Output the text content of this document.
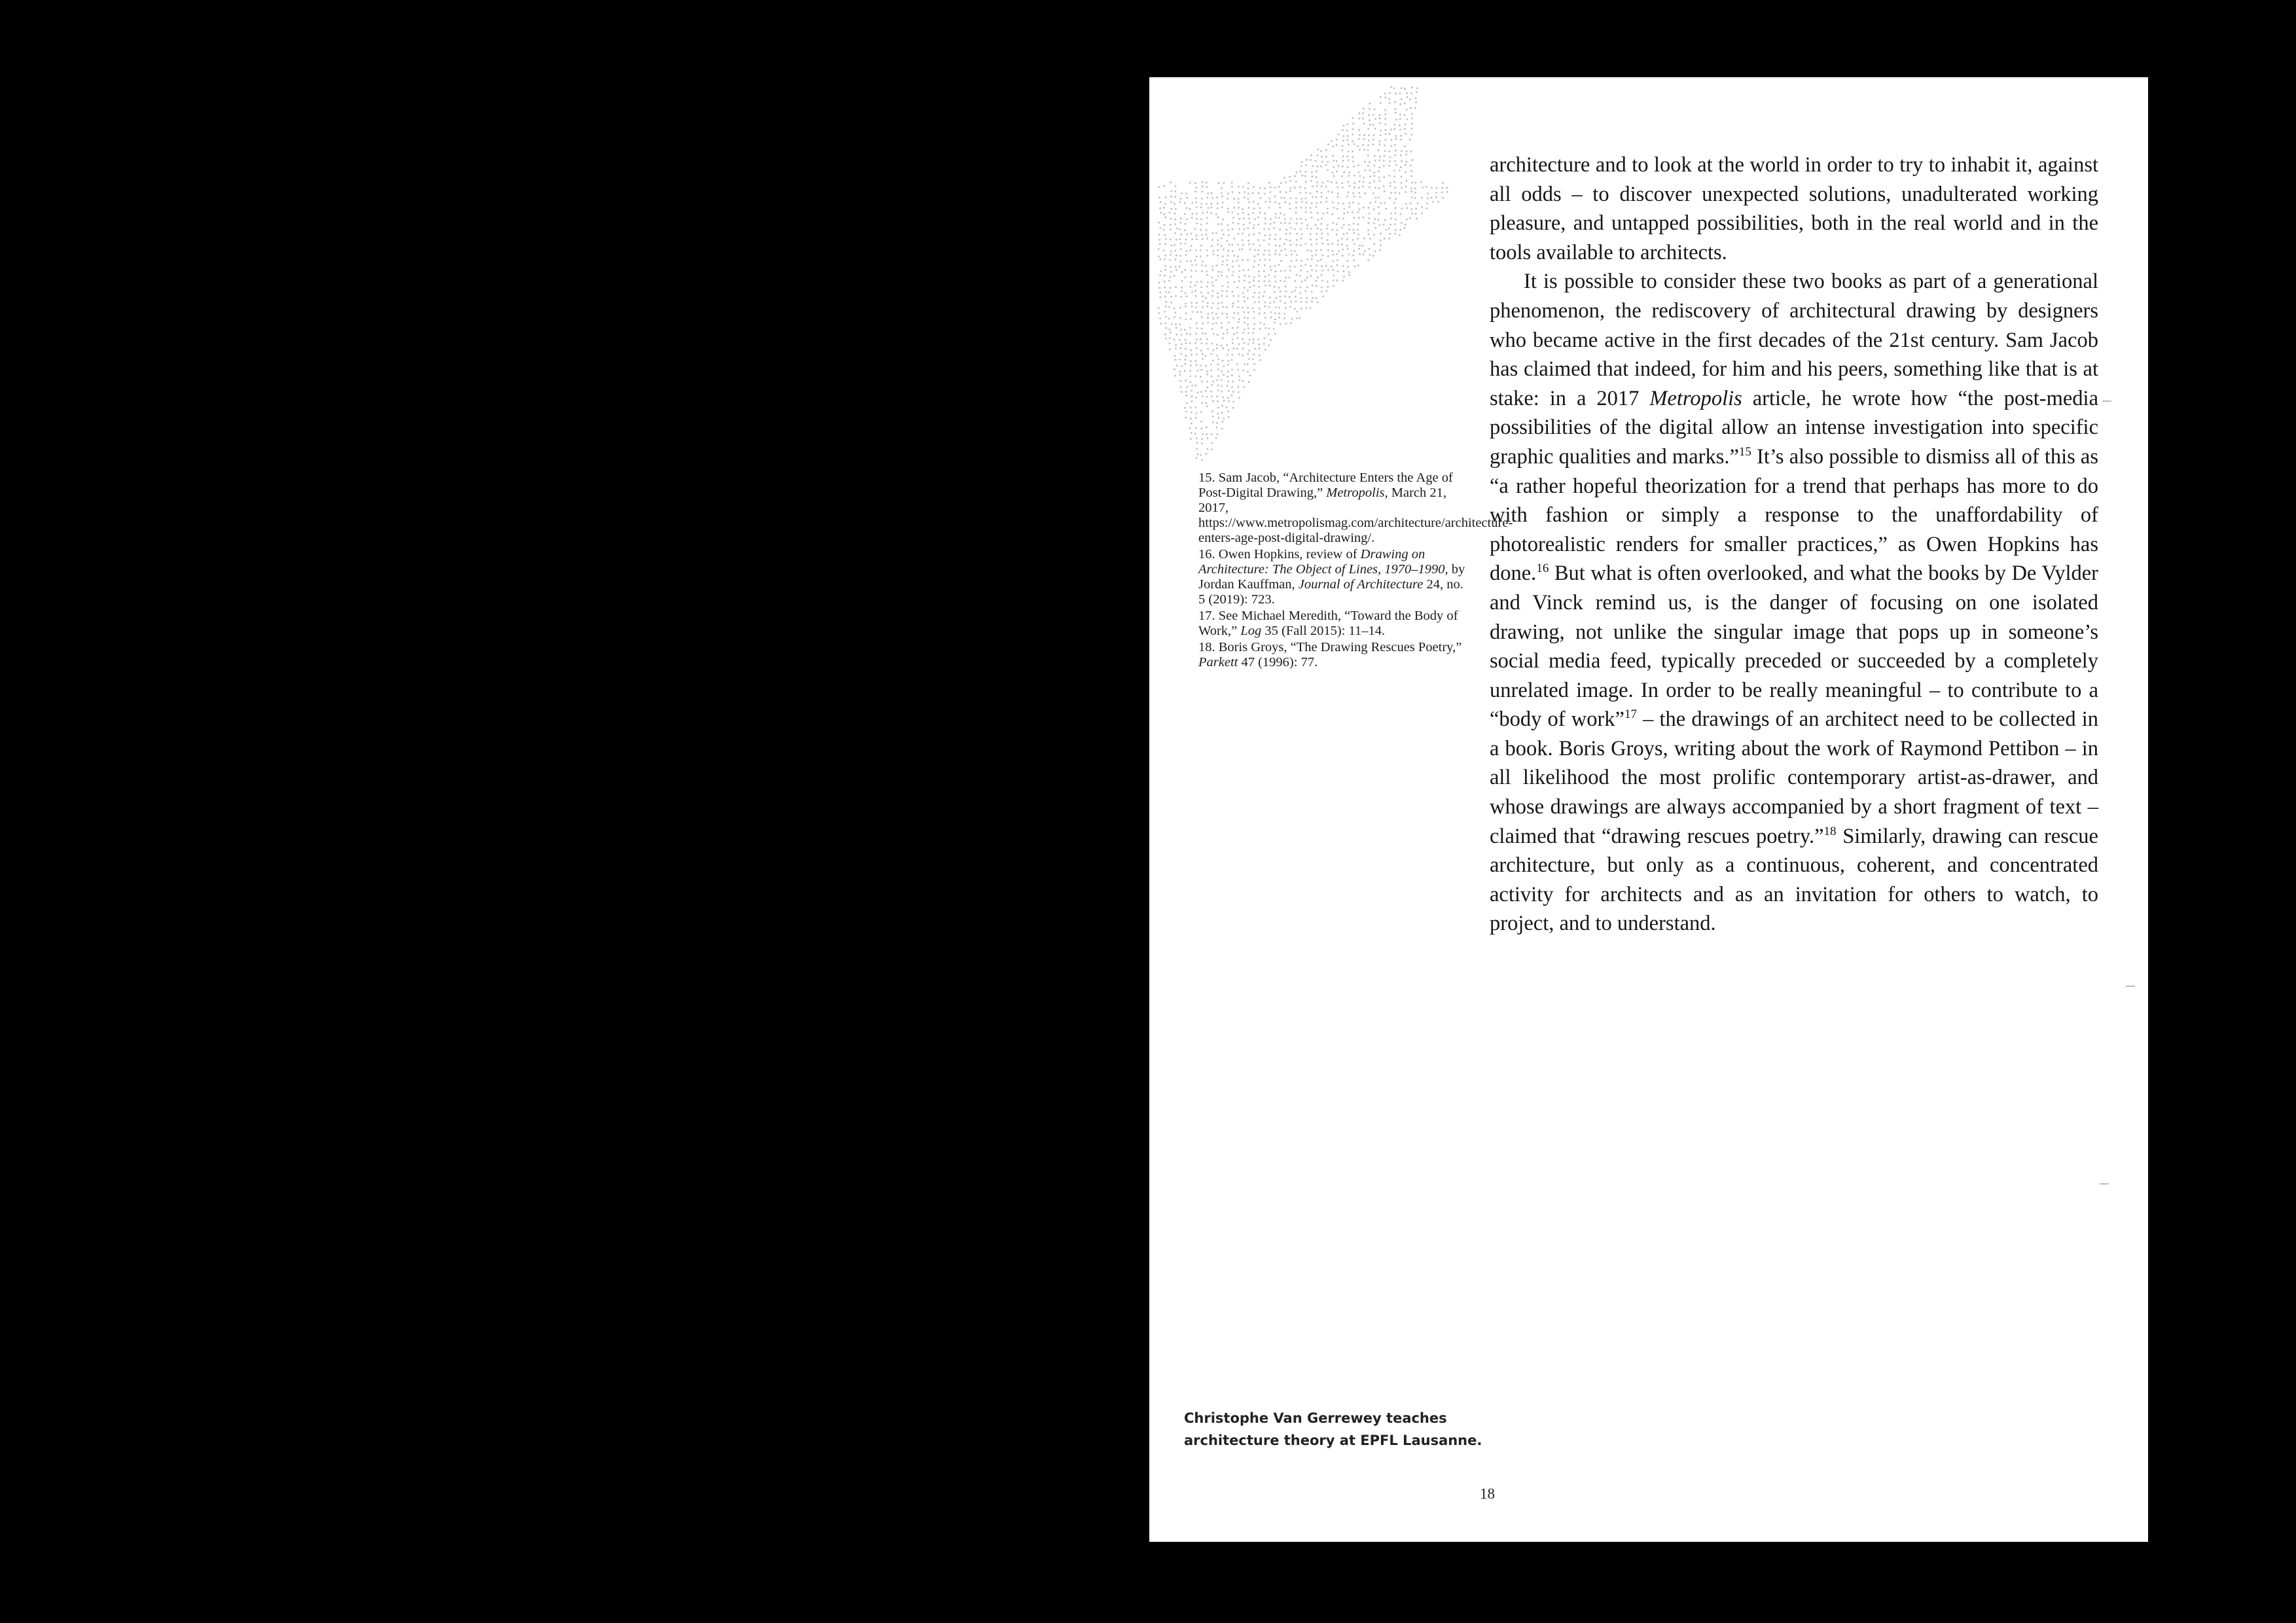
15. Sam Jacob, “Architecture Enters the Age of Post-Digital Drawing,” Metropolis, March 21, 2017, https://www.metropolismag.com/architecture/architecture-enters-age-post-digital-drawing/.

16. Owen Hopkins, review of Drawing on Architecture: The Object of Lines, 1970–1990, by Jordan Kauffman, Journal of Architecture 24, no. 5 (2019): 723.

17. See Michael Meredith, “Toward the Body of Work,” Log 35 (Fall 2015): 11–14.

18. Boris Groys, “The Drawing Rescues Poetry,” Parkett 47 (1996): 77.

architecture and to look at the world in order to try to inhabit it, against all odds – to discover unexpected solutions, unadulterated working pleasure, and untapped possibilities, both in the real world and in the tools available to architects.

It is possible to consider these two books as part of a generational phenomenon, the rediscovery of architectural drawing by designers who became active in the first decades of the 21st century. Sam Jacob has claimed that indeed, for him and his peers, something like that is at stake: in a 2017 Metropolis article, he wrote how “the post-media possibilities of the digital allow an intense investigation into specific graphic qualities and marks.”$^{15}$ It’s also possible to dismiss all of this as “a rather hopeful theorization for a trend that perhaps has more to do with fashion or simply a response to the unaffordability of photorealistic renders for smaller practices,” as Owen Hopkins has done.$^{16}$ But what is often overlooked, and what the books by De Vylder and Vinck remind us, is the danger of focusing on one isolated drawing, not unlike the singular image that pops up in someone’s social media feed, typically preceded or succeeded by a completely unrelated image. In order to be really meaningful – to contribute to a “body of work”$^{17}$ – the drawings of an architect need to be collected in a book. Boris Groys, writing about the work of Raymond Pettibon – in all likelihood the most prolific contemporary artist-as-drawer, and whose drawings are always accompanied by a short fragment of text – claimed that “drawing rescues poetry.”$^{18}$ Similarly, drawing can rescue architecture, but only as a continuous, coherent, and concentrated activity for architects and as an invitation for others to watch, to project, and to understand.

Christophe Van Gerrewey teaches
architecture theory at EPFL Lausanne.
18
